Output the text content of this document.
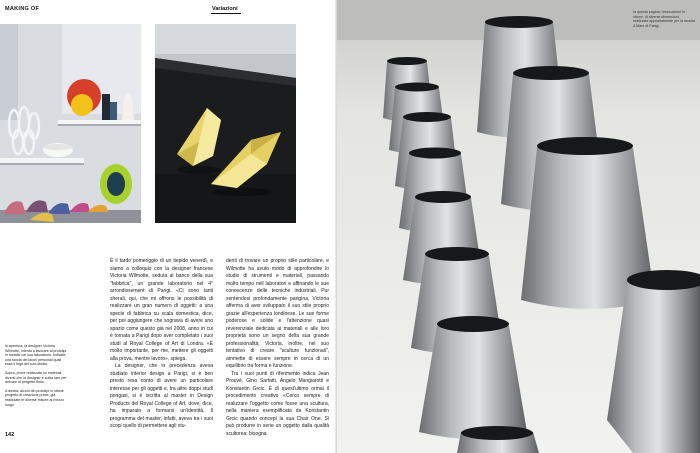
MAKING OF	Variazioni

In apertura, la designer Victoria Wilmotte, intenta a lavorare ai prototipi in metallo nel suo laboratorio. Indicate una tavola dei lavori personali quali esse il legò dei suoi studio.

Sopra, prove realizzate su materiali diversi che la designer è solita fare per arrivare al progetto finito.

A destra, alcuni dei prototipi in ottone progetto di creazione prese, già realizzate le diverse misure al mezzo luogo.

È il tardo pomeriggio di un tiepido venerdì, e siamo a colloquio con la designer francese Victoria Wilmotte, seduta al banco della sua "fabbrica", un grande laboratorio nel 4° arrondissement di Parigi. «Ci sono tanti sherali, qui, che mi offrono le possibilità di realizzare un gran numero di oggetti: a una specie di fabbrica su scala domestica, dice, per poi aggiungere che sognava di avere uno spazio come questo già nel 2008, anno in cui è tornata a Parigi dopo aver completato i suoi studi al Royal College of Art di Londra. «È molto importante, per me, mettere gli oggetti alla prova, mentre lavoro», spiega.

La designer, che in precedenza aveva studiato interior design a Parigi, si è ben presto resa conto di avere un particolare interesse per gli oggetti e, tra altre doppi studi pongasi, si è iscritta al master in Design Products del Royal College of Art, dove, dice, ha imparato a formarsi un'identità. Il programma del master, infatti, aveva tra i suoi scopi quello di permettere agli stu-

denti di trovare un proprio stile particolare, e Wilmotte ha avuto modo di approfondire lo studio di strumenti e materiali, passando molto tempo nell laboratori e affinando le sue conoscenze delle tecniche industriali. Pur sentendosi profondamente parigina, Victoria afferma di aver sviluppato il suo stile proprio grazie all'esperienza londinese. Le sue forme poderose e solide e l'attenzione quasi reverenziale dedicata ai materiali e alle loro proprietà sono un segno della sua grande professionalità; Victoria, inoltre, nel suo tentativo di creare "sculture funzionali", ammette di essere sempre in cerca di un equilibrio tra forma e funzione.

Tra i suoi punti di riferimento indica Jean Prouvé, Gino Sarfatti, Angelo Mangiarotti e Konstantin Grcic. È di quest'ultimo ormai il procedimento creativo «Cerco sempre di realizzare l'oggetto come fosse una scultura, nella maniera esemplificata da Konstantin Grcic quando concepì la sua Chair One. Si può produrre in serie un oggetto dalla qualità scultorea: bisogna

142
In questa pagina, l'esecuzione in ottone, di diverse dimensioni, realizzate appositamente per la mostra A Mare di Parigi.
